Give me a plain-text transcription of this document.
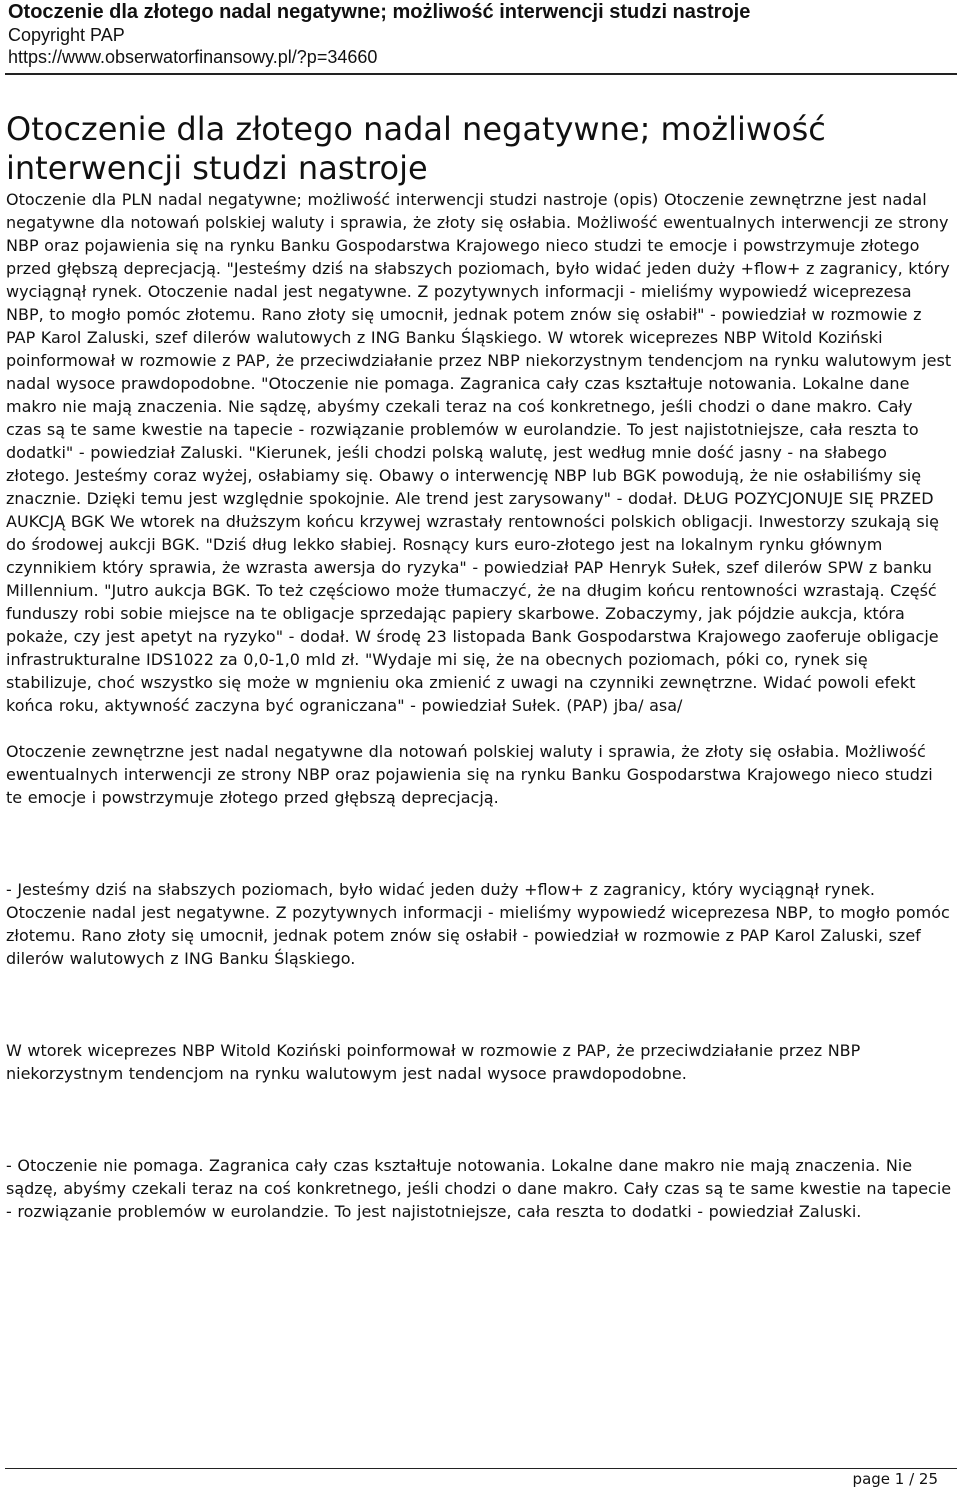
Otoczenie dla złotego nadal negatywne; możliwość interwencji studzi nastroje

Copyright PAP

https://www.obserwatorfinansowy.pl/?p=34660

Otoczenie dla złotego nadal negatywne; możliwość interwencji studzi nastroje

Otoczenie dla PLN nadal negatywne; możliwość interwencji studzi nastroje (opis) Otoczenie zewnętrzne jest nadal negatywne dla notowań polskiej waluty i sprawia, że złoty się osłabia. Możliwość ewentualnych interwencji ze strony NBP oraz pojawienia się na rynku Banku Gospodarstwa Krajowego nieco studzi te emocje i powstrzymuje złotego przed głębszą deprecjacją. "Jesteśmy dziś na słabszych poziomach, było widać jeden duży +flow+ z zagranicy, który wyciągnął rynek. Otoczenie nadal jest negatywne. Z pozytywnych informacji - mieliśmy wypowiedź wiceprezesa NBP, to mogło pomóc złotemu. Rano złoty się umocnił, jednak potem znów się osłabił" - powiedział w rozmowie z PAP Karol Zaluski, szef dilerów walutowych z ING Banku Śląskiego. W wtorek wiceprezes NBP Witold Koziński poinformował w rozmowie z PAP, że przeciwdziałanie przez NBP niekorzystnym tendencjom na rynku walutowym jest nadal wysoce prawdopodobne. "Otoczenie nie pomaga. Zagranica cały czas kształtuje notowania. Lokalne dane makro nie mają znaczenia. Nie sądzę, abyśmy czekali teraz na coś konkretnego, jeśli chodzi o dane makro. Cały czas są te same kwestie na tapecie - rozwiązanie problemów w eurolandzie. To jest najistotniejsze, cała reszta to dodatki" - powiedział Zaluski. "Kierunek, jeśli chodzi polską walutę, jest według mnie dość jasny - na słabego złotego. Jesteśmy coraz wyżej, osłabiamy się. Obawy o interwencję NBP lub BGK powodują, że nie osłabiliśmy się znacznie. Dzięki temu jest względnie spokojnie. Ale trend jest zarysowany" - dodał. DŁUG POZYCJONUJE SIĘ PRZED AUKCJĄ BGK We wtorek na dłuższym końcu krzywej wzrastały rentowności polskich obligacji. Inwestorzy szukają się do środowej aukcji BGK. "Dziś dług lekko słabiej. Rosnący kurs euro-złotego jest na lokalnym rynku głównym czynnikiem który sprawia, że wzrasta awersja do ryzyka" - powiedział PAP Henryk Sułek, szef dilerów SPW z banku Millennium. "Jutro aukcja BGK. To też częściowo może tłumaczyć, że na długim końcu rentowności wzrastają. Część funduszy robi sobie miejsce na te obligacje sprzedając papiery skarbowe. Zobaczymy, jak pójdzie aukcja, która pokaże, czy jest apetyt na ryzyko" - dodał. W środę 23 listopada Bank Gospodarstwa Krajowego zaoferuje obligacje infrastrukturalne IDS1022 za 0,0-1,0 mld zł. "Wydaje mi się, że na obecnych poziomach, póki co, rynek się stabilizuje, choć wszystko się może w mgnieniu oka zmienić z uwagi na czynniki zewnętrzne. Widać powoli efekt końca roku, aktywność zaczyna być ograniczana" - powiedział Sułek. (PAP) jba/ asa/

Otoczenie zewnętrzne jest nadal negatywne dla notowań polskiej waluty i sprawia, że złoty się osłabia. Możliwość ewentualnych interwencji ze strony NBP oraz pojawienia się na rynku Banku Gospodarstwa Krajowego nieco studzi te emocje i powstrzymuje złotego przed głębszą deprecjacją.

- Jesteśmy dziś na słabszych poziomach, było widać jeden duży +flow+ z zagranicy, który wyciągnął rynek. Otoczenie nadal jest negatywne. Z pozytywnych informacji - mieliśmy wypowiedź wiceprezesa NBP, to mogło pomóc złotemu. Rano złoty się umocnił, jednak potem znów się osłabił - powiedział w rozmowie z PAP Karol Zaluski, szef dilerów walutowych z ING Banku Śląskiego.

W wtorek wiceprezes NBP Witold Koziński poinformował w rozmowie z PAP, że przeciwdziałanie przez NBP niekorzystnym tendencjom na rynku walutowym jest nadal wysoce prawdopodobne.

- Otoczenie nie pomaga. Zagranica cały czas kształtuje notowania. Lokalne dane makro nie mają znaczenia. Nie sądzę, abyśmy czekali teraz na coś konkretnego, jeśli chodzi o dane makro. Cały czas są te same kwestie na tapecie - rozwiązanie problemów w eurolandzie. To jest najistotniejsze, cała reszta to dodatki - powiedział Zaluski.

page 1 / 25
